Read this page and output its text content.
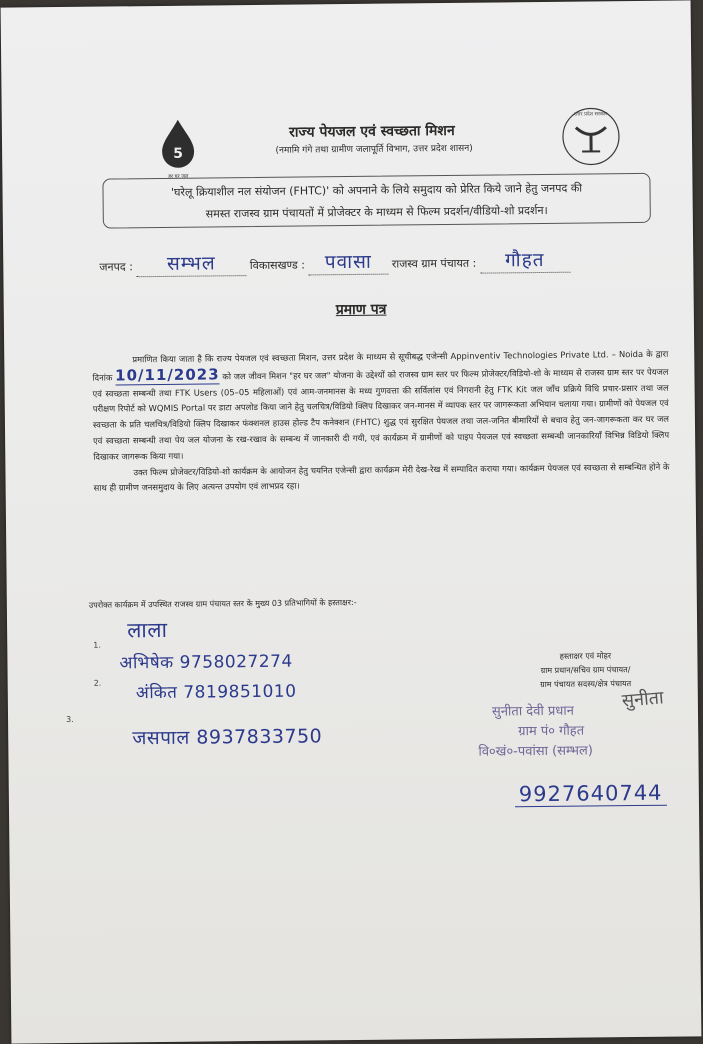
5
हर घर जल
राज्य पेयजल एवं स्वच्छता मिशन
(नमामि गंगे तथा ग्रामीण जलापूर्ति विभाग, उत्तर प्रदेश शासन)
उत्तर प्रदेश सरकार
'घरेलू क्रियाशील नल संयोजन (FHTC)' को अपनाने के लिये समुदाय को प्रेरित किये जाने हेतु जनपद की
समस्त राजस्व ग्राम पंचायतों में प्रोजेक्टर के माध्यम से फिल्म प्रदर्शन/वीडियो-शो प्रदर्शन।
जनपद : सम्भल	विकासखण्ड : पवासा राजस्व ग्राम पंचायत : गौहत
प्रमाण पत्र

प्रमाणित किया जाता है कि राज्य पेयजल एवं स्वच्छता मिशन, उत्तर प्रदेश के माध्यम से सूचीबद्ध एजेन्सी Appinventiv Technologies Private Ltd. – Noida के द्वारा दिनांक 10/11/2023 को जल जीवन मिशन "हर घर जल" योजना के उद्देश्यों को राजस्व ग्राम स्तर पर फिल्म प्रोजेक्टर/विडियो-शो के माध्यम से राजस्व ग्राम स्तर पर पेयजल एवं स्वच्छता सम्बन्धी तथा FTK Users (05–05 महिलाओं) एवं आम-जनमानस के मध्य गुणवत्ता की सर्विलांस एवं निगरानी हेतु FTK Kit जल जाँच प्रक्रिये विधि प्रचार-प्रसार तथा जल परीक्षण रिपोर्ट को WQMIS Portal पर डाटा अपलोड किया जाने हेतु चलचित्र/विडियो क्लिप दिखाकर जन-मानस में व्यापक स्तर पर जागरूकता अभियान चलाया गया। ग्रामीणों को पेयजल एवं स्वच्छता के प्रति चलचित्र/विडियो क्लिप दिखाकर फंक्शनल हाउस होल्ड टैप कनेक्शन (FHTC) शुद्ध एवं सुरक्षित पेयजल तथा जल-जनित बीमारियों से बचाव हेतु जन-जागरूकता कर घर जल एवं स्वच्छता सम्बन्धी तथा पेय जल योजना के रख-रखाव के सम्बन्ध में जानकारी दी गयी, एवं कार्यक्रम में ग्रामीणों को पाइप पेयजल एवं स्वच्छता सम्बन्धी जानकारियाँ विभिन्न विडियो क्लिप दिखाकर जागरूक किया गया।

उक्त फिल्म प्रोजेक्टर/विडियो-शो कार्यक्रम के आयोजन हेतु चयनित एजेन्सी द्वारा कार्यक्रम मेरी देख-रेख में सम्पादित कराया गया। कार्यक्रम पेयजल एवं स्वच्छता से सम्बन्धित होने के साथ ही ग्रामीण जनसमुदाय के लिए अत्यन्त उपयोग एवं लाभप्रद रहा।

उपरोक्त कार्यक्रम में उपस्थित राजस्व ग्राम पंचायत स्तर के मुख्य 03 प्रतिभागियों के हस्ताक्षर:-
1.
लाला
अभिषेक 9758027274
2. अंकित 7819851010
3.
जसपाल 8937833750
हस्ताक्षर एवं मोहर
ग्राम प्रधान/सचिव ग्राम पंचायत/
ग्राम पंचायत सदस्य/क्षेत्र पंचायत
सुनीता
सुनीता देवी प्रधान
ग्राम पं० गौहत
वि०खं०-पवांसा (सम्भल)
9927640744
